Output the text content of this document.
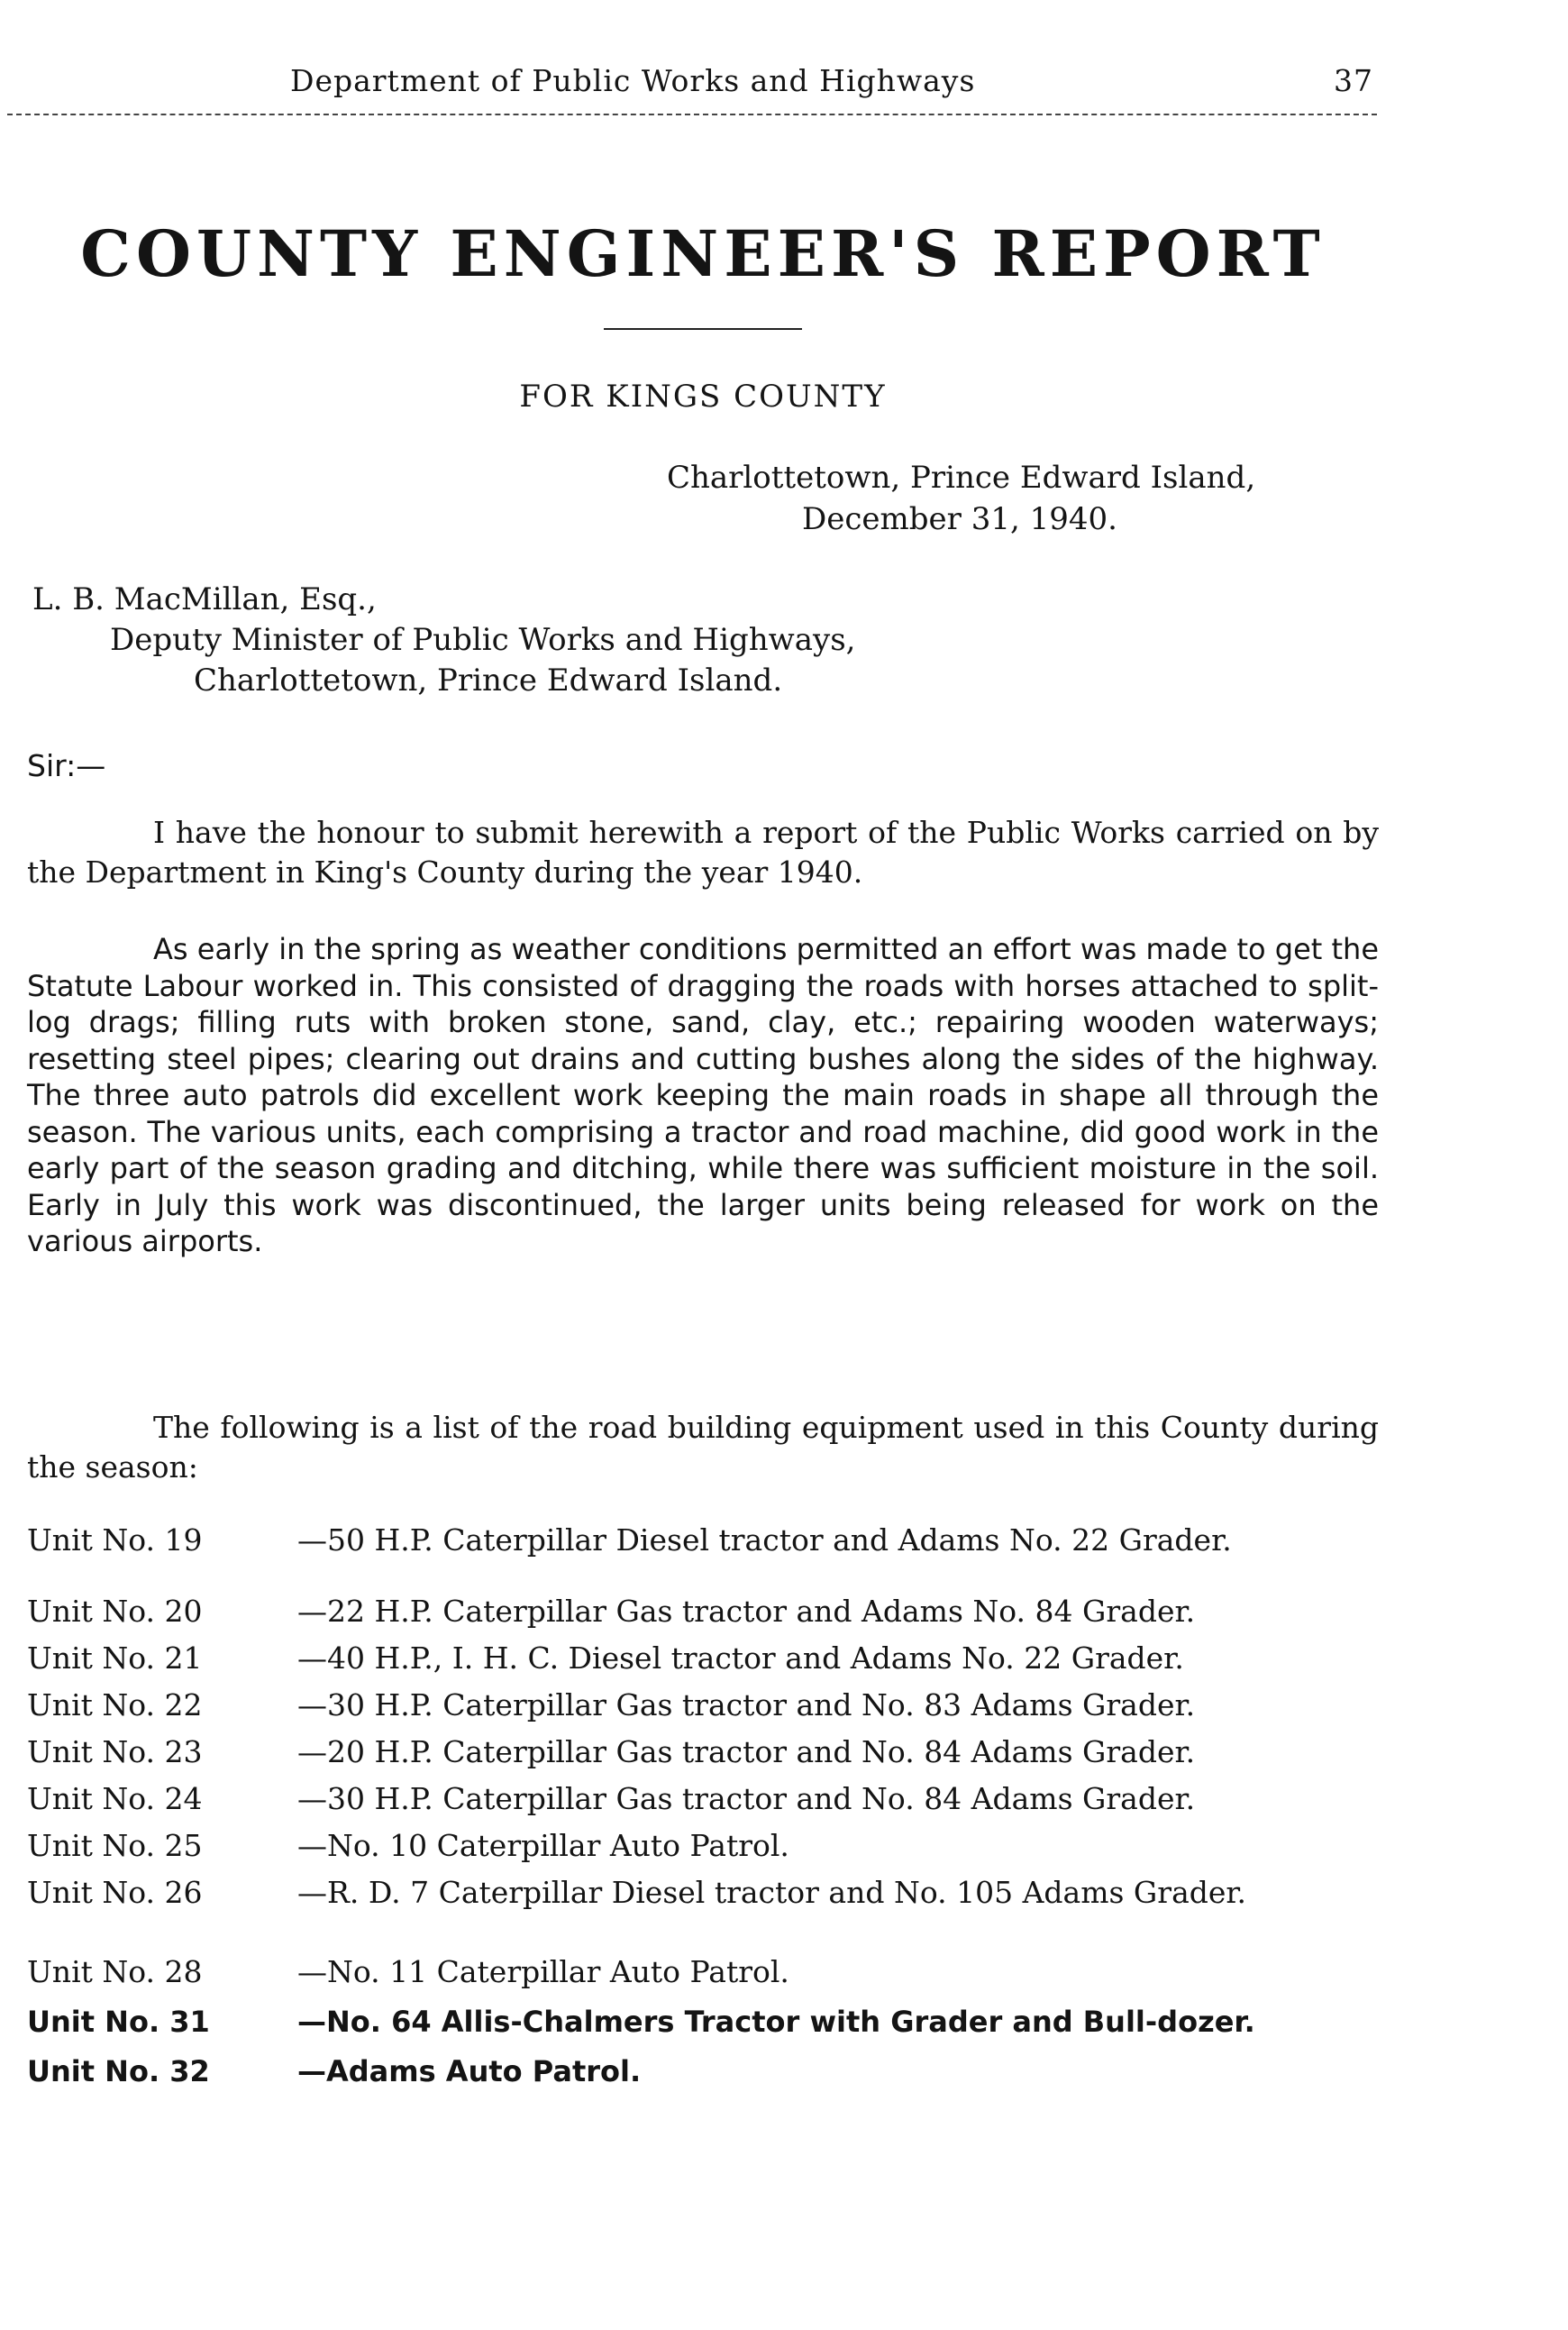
Department of Public Works and Highways	37
COUNTY ENGINEER'S REPORT
FOR KINGS COUNTY
Charlottetown, Prince Edward Island,
December 31, 1940.
L. B. MacMillan, Esq.,
Deputy Minister of Public Works and Highways,
Charlottetown, Prince Edward Island.
Sir:—

I have the honour to submit herewith a report of the Public Works carried on by the Department in King's County during the year 1940.

As early in the spring as weather conditions permitted an effort was made to get the Statute Labour worked in. This consisted of dragging the roads with horses attached to split-log drags; filling ruts with broken stone, sand, clay, etc.; repairing wooden waterways; resetting steel pipes; clearing out drains and cutting bushes along the sides of the highway. The three auto patrols did excellent work keeping the main roads in shape all through the season. The various units, each comprising a tractor and road machine, did good work in the early part of the season grading and ditching, while there was sufficient moisture in the soil. Early in July this work was discontinued, the larger units being released for work on the various airports.

The following is a list of the road building equipment used in this County during the season:

Unit No. 19	—50 H.P. Caterpillar Diesel tractor and Adams No. 22 Grader.
Unit No. 20	—22 H.P. Caterpillar Gas tractor and Adams No. 84 Grader.
Unit No. 21	—40 H.P., I. H. C. Diesel tractor and Adams No. 22 Grader.
Unit No. 22	—30 H.P. Caterpillar Gas tractor and No. 83 Adams Grader.
Unit No. 23	—20 H.P. Caterpillar Gas tractor and No. 84 Adams Grader.
Unit No. 24	—30 H.P. Caterpillar Gas tractor and No. 84 Adams Grader.
Unit No. 25	—No. 10 Caterpillar Auto Patrol.
Unit No. 26	—R. D. 7 Caterpillar Diesel tractor and No. 105 Adams Grader.
Unit No. 28	—No. 11 Caterpillar Auto Patrol.
Unit No. 31	—No. 64 Allis-Chalmers Tractor with Grader and Bull-dozer.
Unit No. 32	—Adams Auto Patrol.
